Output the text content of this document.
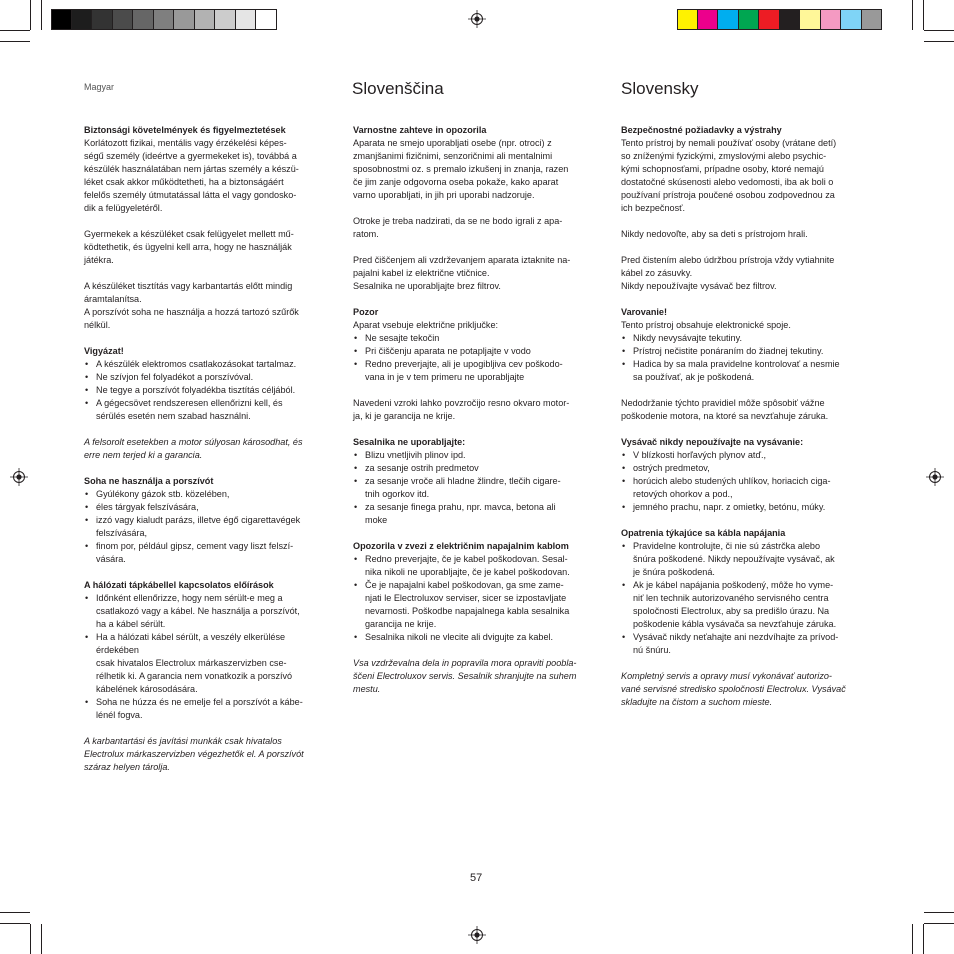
Magyar	Slovenščina	Slovensky

Biztonsági követelmények és figyelmeztetések

Korlátozott fizikai, mentális vagy érzékelési képes-

ségű személy (ideértve a gyermekeket is), továbbá a

készülék használatában nem jártas személy a készü-

léket csak akkor működtetheti, ha a biztonságáért

felelős személy útmutatással látta el vagy gondosko-

dik a felügyeletéről.

Gyermekek a készüléket csak felügyelet mellett mű-

ködtethetik, és ügyelni kell arra, hogy ne használják

játékra.

A készüléket tisztítás vagy karbantartás előtt mindig

áramtalanítsa.

A porszívót soha ne használja a hozzá tartozó szűrők

nélkül.

Vigyázat!

• A készülék elektromos csatlakozásokat tartalmaz.
• Ne szívjon fel folyadékot a porszívóval.
• Ne tegye a porszívót folyadékba tisztítás céljából.
• A gégecsövet rendszeresen ellenőrizni kell, és
sérülés esetén nem szabad használni.

A felsorolt esetekben a motor súlyosan károsodhat, és

erre nem terjed ki a garancia.

Soha ne használja a porszívót

• Gyúlékony gázok stb. közelében,
• éles tárgyak felszívására,
• izzó vagy kialudt parázs, illetve égő cigarettavégek
felszívására,
• finom por, például gipsz, cement vagy liszt felszí-
vására.

A hálózati tápkábellel kapcsolatos előírások

• Időnként ellenőrizze, hogy nem sérült-e meg a
csatlakozó vagy a kábel. Ne használja a porszívót,
ha a kábel sérült.
• Ha a hálózati kábel sérült, a veszély elkerülése érdekében
csak hivatalos Electrolux márkaszervizben cse-
rélhetik ki. A garancia nem vonatkozik a porszívó
kábelének károsodására.
• Soha ne húzza és ne emelje fel a porszívót a kábe-
lénél fogva.

A karbantartási és javítási munkák csak hivatalos

Electrolux márkaszervizben végezhetők el. A porszívót

száraz helyen tárolja.

Varnostne zahteve in opozorila

Aparata ne smejo uporabljati osebe (npr. otroci) z

zmanjšanimi fizičnimi, senzoričnimi ali mentalnimi

sposobnostmi oz. s premalo izkušenj in znanja, razen

če jim zanje odgovorna oseba pokaže, kako aparat

varno uporabljati, in jih pri uporabi nadzoruje.

Otroke je treba nadzirati, da se ne bodo igrali z apa-

ratom.

Pred čiščenjem ali vzdrževanjem aparata iztaknite na-

pajalni kabel iz električne vtičnice.

Sesalnika ne uporabljajte brez filtrov.

Pozor

Aparat vsebuje električne priključke:

• Ne sesajte tekočin
• Pri čiščenju aparata ne potapljajte v vodo
• Redno preverjajte, ali je upogibljiva cev poškodo-
vana in je v tem primeru ne uporabljajte

Navedeni vzroki lahko povzročijo resno okvaro motor-

ja, ki je garancija ne krije.

Sesalnika ne uporabljajte:

• Blizu vnetljivih plinov ipd.
• za sesanje ostrih predmetov
• za sesanje vroče ali hladne žlindre, tlečih cigare-
tnih ogorkov itd.
• za sesanje finega prahu, npr. mavca, betona ali
moke

Opozorila v zvezi z električnim napajalnim kablom

• Redno preverjajte, če je kabel poškodovan. Sesal-
nika nikoli ne uporabljajte, če je kabel poškodovan.
• Če je napajalni kabel poškodovan, ga sme zame-
njati le Electroluxov serviser, sicer se izpostavljate
nevarnosti. Poškodbe napajalnega kabla sesalnika
garancija ne krije.
• Sesalnika nikoli ne vlecite ali dvigujte za kabel.

Vsa vzdrževalna dela in popravila mora opraviti poobla-

ščeni Electroluxov servis. Sesalnik shranjujte na suhem

mestu.

Bezpečnostné požiadavky a výstrahy

Tento prístroj by nemali používať osoby (vrátane detí)

so zníženými fyzickými, zmyslovými alebo psychic-

kými schopnosťami, prípadne osoby, ktoré nemajú

dostatočné skúsenosti alebo vedomosti, iba ak boli o

používaní prístroja poučené osobou zodpovednou za

ich bezpečnosť.

Nikdy nedovoľte, aby sa deti s prístrojom hrali.

Pred čistením alebo údržbou prístroja vždy vytiahnite

kábel zo zásuvky.

Nikdy nepoužívajte vysávač bez filtrov.

Varovanie!

Tento prístroj obsahuje elektronické spoje.

• Nikdy nevysávajte tekutiny.
• Prístroj nečistite ponáraním do žiadnej tekutiny.
• Hadica by sa mala pravidelne kontrolovať a nesmie
sa používať, ak je poškodená.

Nedodržanie týchto pravidiel môže spôsobiť vážne

poškodenie motora, na ktoré sa nevzťahuje záruka.

Vysávač nikdy nepoužívajte na vysávanie:

• V blízkosti horľavých plynov atď.,
• ostrých predmetov,
• horúcich alebo studených uhlíkov, horiacich ciga-
retových ohorkov a pod.,
• jemného prachu, napr. z omietky, betónu, múky.

Opatrenia týkajúce sa kábla napájania

• Pravidelne kontrolujte, či nie sú zástrčka alebo
šnúra poškodené. Nikdy nepoužívajte vysávač, ak
je šnúra poškodená.
• Ak je kábel napájania poškodený, môže ho vyme-
niť len technik autorizovaného servisného centra
spoločnosti Electrolux, aby sa predišlo úrazu. Na
poškodenie kábla vysávača sa nevzťahuje záruka.
• Vysávač nikdy neťahajte ani nezdvíhajte za prívod-
nú šnúru.

Kompletný servis a opravy musí vykonávať autorizo-

vané servisné stredisko spoločnosti Electrolux. Vysávač

skladujte na čistom a suchom mieste.

57
